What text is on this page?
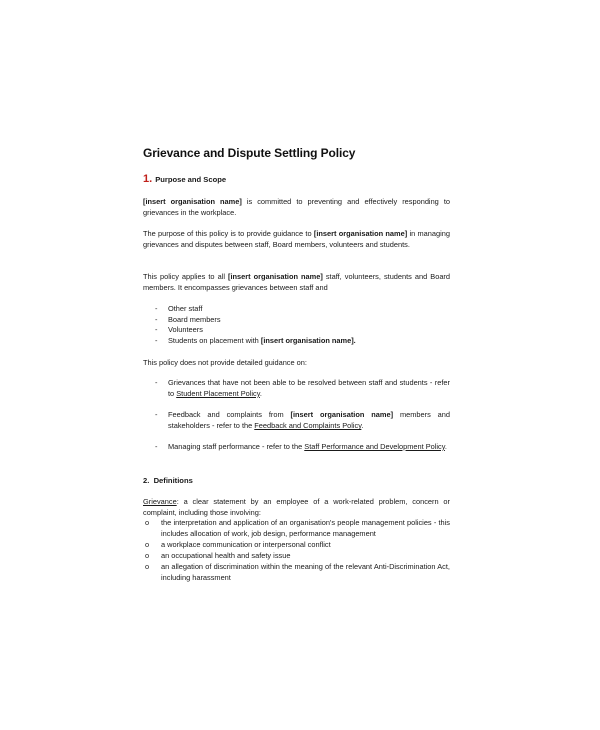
Grievance and Dispute Settling Policy
1. Purpose and Scope
[insert organisation name] is committed to preventing and effectively responding to grievances in the workplace.
The purpose of this policy is to provide guidance to [insert organisation name] in managing grievances and disputes between staff, Board members, volunteers and students.
This policy applies to all [insert organisation name] staff, volunteers, students and Board members. It encompasses grievances between staff and
- Other staff
- Board members
- Volunteers
- Students on placement with [insert organisation name].
This policy does not provide detailed guidance on:
- Grievances that have not been able to be resolved between staff and students - refer to Student Placement Policy.
- Feedback and complaints from [insert organisation name] members and stakeholders - refer to the Feedback and Complaints Policy.
- Managing staff performance - refer to the Staff Performance and Development Policy.
2. Definitions
Grievance: a clear statement by an employee of a work-related problem, concern or complaint, including those involving:
o the interpretation and application of an organisation's people management policies - this includes allocation of work, job design, performance management
o a workplace communication or interpersonal conflict
o an occupational health and safety issue
o an allegation of discrimination within the meaning of the relevant Anti-Discrimination Act, including harassment
